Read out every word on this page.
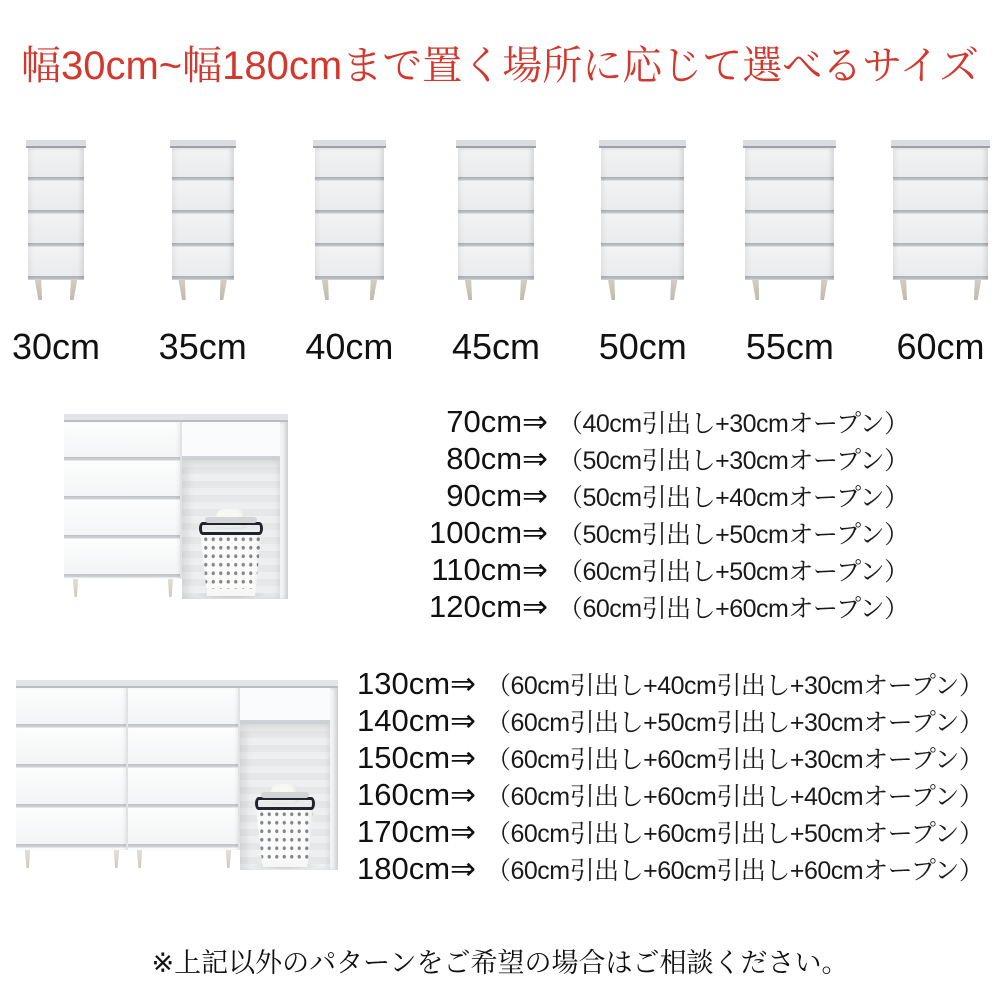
幅30cm~幅180cmまで置く場所に応じて選べるサイズ
30cm 35cm 40cm 45cm 50cm 55cm 60cm
70cm⇒ （40cm引出し+30cmオープン）
80cm⇒ （50cm引出し+30cmオープン）
90cm⇒ （50cm引出し+40cmオープン）
100cm⇒ （50cm引出し+50cmオープン）
110cm⇒ （60cm引出し+50cmオープン）
120cm⇒ （60cm引出し+60cmオープン）
130cm⇒ （60cm引出し+40cm引出し+30cmオープン）
140cm⇒ （60cm引出し+50cm引出し+30cmオープン）
150cm⇒ （60cm引出し+60cm引出し+30cmオープン）
160cm⇒ （60cm引出し+60cm引出し+40cmオープン）
170cm⇒ （60cm引出し+60cm引出し+50cmオープン）
180cm⇒ （60cm引出し+60cm引出し+60cmオープン）
※上記以外のパターンをご希望の場合はご相談ください。
